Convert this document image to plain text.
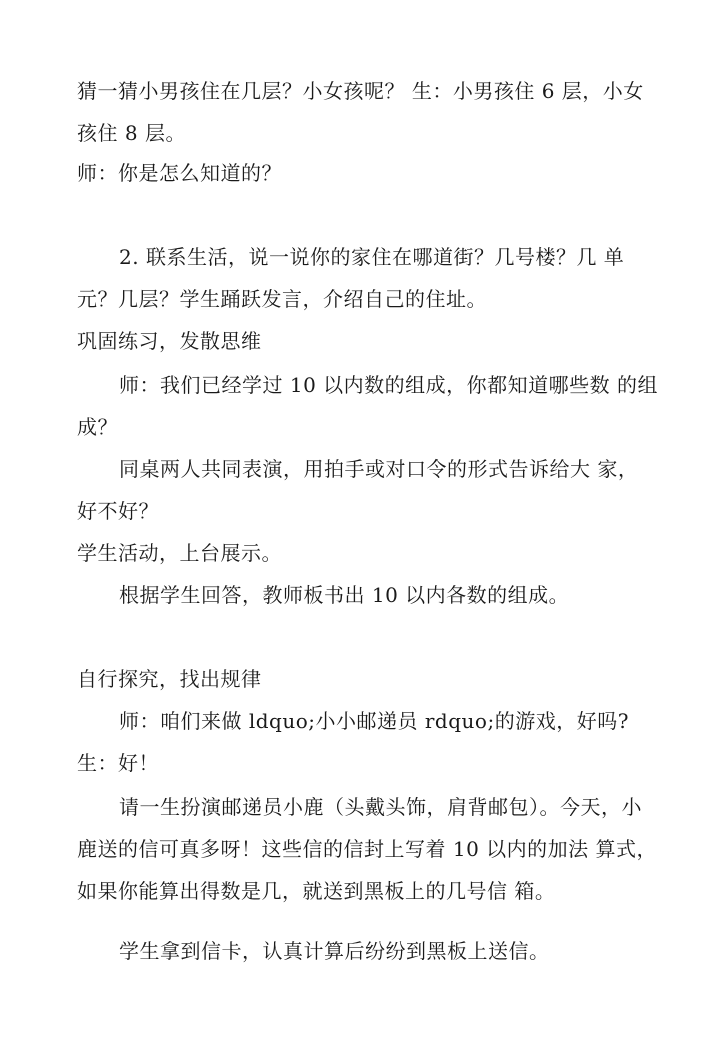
猜一猜小男孩住在几层？小女孩呢？ 生：小男孩住 6 层，小女
孩住 8 层。
师：你是怎么知道的？
2. 联系生活，说一说你的家住在哪道街？几号楼？几 单
元？几层？学生踊跃发言，介绍自己的住址。
巩固练习，发散思维
师：我们已经学过 10 以内数的组成，你都知道哪些数 的组
成？
同桌两人共同表演，用拍手或对口令的形式告诉给大 家，
好不好？
学生活动，上台展示。
根据学生回答，教师板书出 10 以内各数的组成。
自行探究，找出规律
师：咱们来做 ldquo;小小邮递员 rdquo;的游戏，好吗?
生：好！
请一生扮演邮递员小鹿（头戴头饰，肩背邮包）。今天，小
鹿送的信可真多呀！这些信的信封上写着 10 以内的加法 算式，
如果你能算出得数是几，就送到黑板上的几号信 箱。
学生拿到信卡，认真计算后纷纷到黑板上送信。
